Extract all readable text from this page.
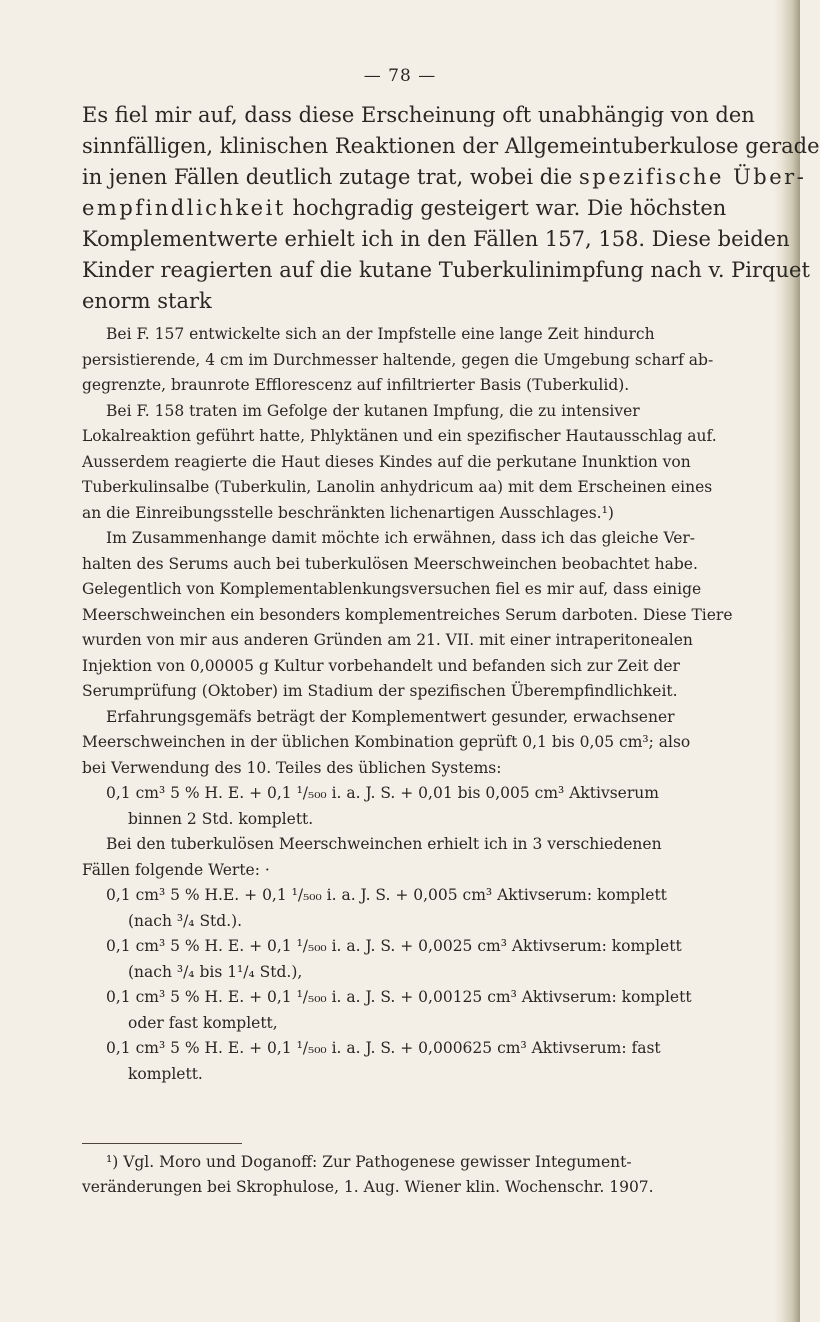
— 78 —
Es fiel mir auf, dass diese Erscheinung oft unabhängig von den
sinnfälligen, klinischen Reaktionen der Allgemeintuberkulose gerade
in jenen Fällen deutlich zutage trat, wobei die spezifische Über-
empfindlichkeit hochgradig gesteigert war. Die höchsten
Komplementwerte erhielt ich in den Fällen 157, 158. Diese beiden
Kinder reagierten auf die kutane Tuberkulinimpfung nach v. Pirquet
enorm stark
Bei F. 157 entwickelte sich an der Impfstelle eine lange Zeit hindurch
persistierende, 4 cm im Durchmesser haltende, gegen die Umgebung scharf ab-
gegrenzte, braunrote Efflorescenz auf infiltrierter Basis (Tuberkulid).
Bei F. 158 traten im Gefolge der kutanen Impfung, die zu intensiver
Lokalreaktion geführt hatte, Phlyktänen und ein spezifischer Hautausschlag auf.
Ausserdem reagierte die Haut dieses Kindes auf die perkutane Inunktion von
Tuberkulinsalbe (Tuberkulin, Lanolin anhydricum aa) mit dem Erscheinen eines
an die Einreibungsstelle beschränkten lichenartigen Ausschlages.¹)
Im Zusammenhange damit möchte ich erwähnen, dass ich das gleiche Ver-
halten des Serums auch bei tuberkulösen Meerschweinchen beobachtet habe.
Gelegentlich von Komplementablenkungsversuchen fiel es mir auf, dass einige
Meerschweinchen ein besonders komplementreiches Serum darboten. Diese Tiere
wurden von mir aus anderen Gründen am 21. VII. mit einer intraperitonealen
Injektion von 0,00005 g Kultur vorbehandelt und befanden sich zur Zeit der
Serumprüfung (Oktober) im Stadium der spezifischen Überempfindlichkeit.
Erfahrungsgemäfs beträgt der Komplementwert gesunder, erwachsener
Meerschweinchen in der üblichen Kombination geprüft 0,1 bis 0,05 cm³; also
bei Verwendung des 10. Teiles des üblichen Systems:
0,1 cm³ 5 % H. E. + 0,1 ¹/₅₀₀ i. a. J. S. + 0,01 bis 0,005 cm³ Aktivserum
binnen 2 Std. komplett.
Bei den tuberkulösen Meerschweinchen erhielt ich in 3 verschiedenen
Fällen folgende Werte: ·
0,1 cm³ 5 % H.E. + 0,1 ¹/₅₀₀ i. a. J. S. + 0,005 cm³ Aktivserum: komplett
(nach ³/₄ Std.).
0,1 cm³ 5 % H. E. + 0,1 ¹/₅₀₀ i. a. J. S. + 0,0025 cm³ Aktivserum: komplett
(nach ³/₄ bis 1¹/₄ Std.),
0,1 cm³ 5 % H. E. + 0,1 ¹/₅₀₀ i. a. J. S. + 0,00125 cm³ Aktivserum: komplett
oder fast komplett,
0,1 cm³ 5 % H. E. + 0,1 ¹/₅₀₀ i. a. J. S. + 0,000625 cm³ Aktivserum: fast
komplett.
¹) Vgl. Moro und Doganoff: Zur Pathogenese gewisser Integument-
veränderungen bei Skrophulose, 1. Aug. Wiener klin. Wochenschr. 1907.
